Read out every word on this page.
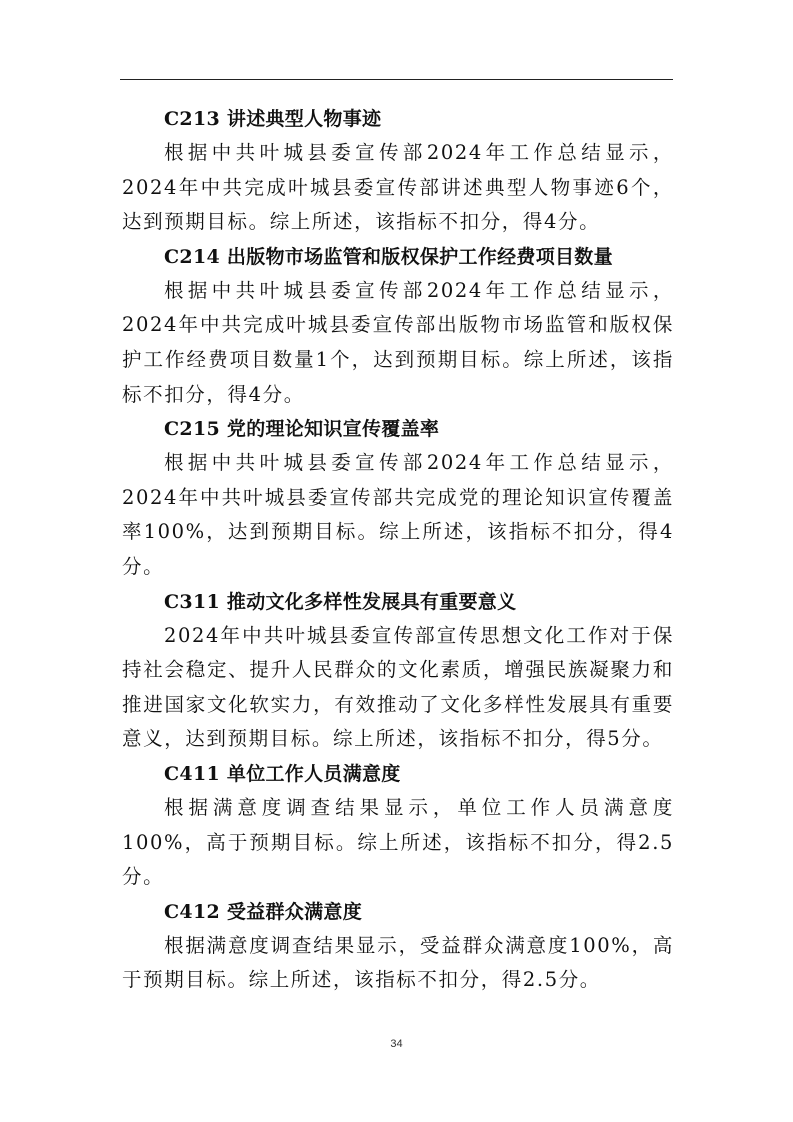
C213 讲述典型人物事迹

根据中共叶城县委宣传部2024年工作总结显示，2024年中共完成叶城县委宣传部讲述典型人物事迹6个，达到预期目标。综上所述，该指标不扣分，得4分。

C214 出版物市场监管和版权保护工作经费项目数量

根据中共叶城县委宣传部2024年工作总结显示，2024年中共完成叶城县委宣传部出版物市场监管和版权保护工作经费项目数量1个，达到预期目标。综上所述，该指标不扣分，得4分。

C215 党的理论知识宣传覆盖率

根据中共叶城县委宣传部2024年工作总结显示，2024年中共叶城县委宣传部共完成党的理论知识宣传覆盖率100%，达到预期目标。综上所述，该指标不扣分，得4分。

C311 推动文化多样性发展具有重要意义

2024年中共叶城县委宣传部宣传思想文化工作对于保持社会稳定、提升人民群众的文化素质，增强民族凝聚力和推进国家文化软实力，有效推动了文化多样性发展具有重要意义，达到预期目标。综上所述，该指标不扣分，得5分。

C411 单位工作人员满意度

根据满意度调查结果显示，单位工作人员满意度100%，高于预期目标。综上所述，该指标不扣分，得2.5分。

C412 受益群众满意度

根据满意度调查结果显示，受益群众满意度100%，高于预期目标。综上所述，该指标不扣分，得2.5分。

34
